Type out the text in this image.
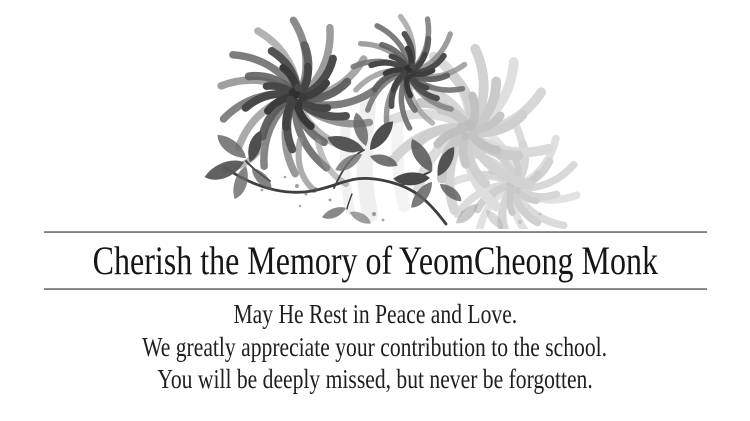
Cherish the Memory of YeomCheong Monk

May He Rest in Peace and Love.

We greatly appreciate your contribution to the school.

You will be deeply missed, but never be forgotten.
